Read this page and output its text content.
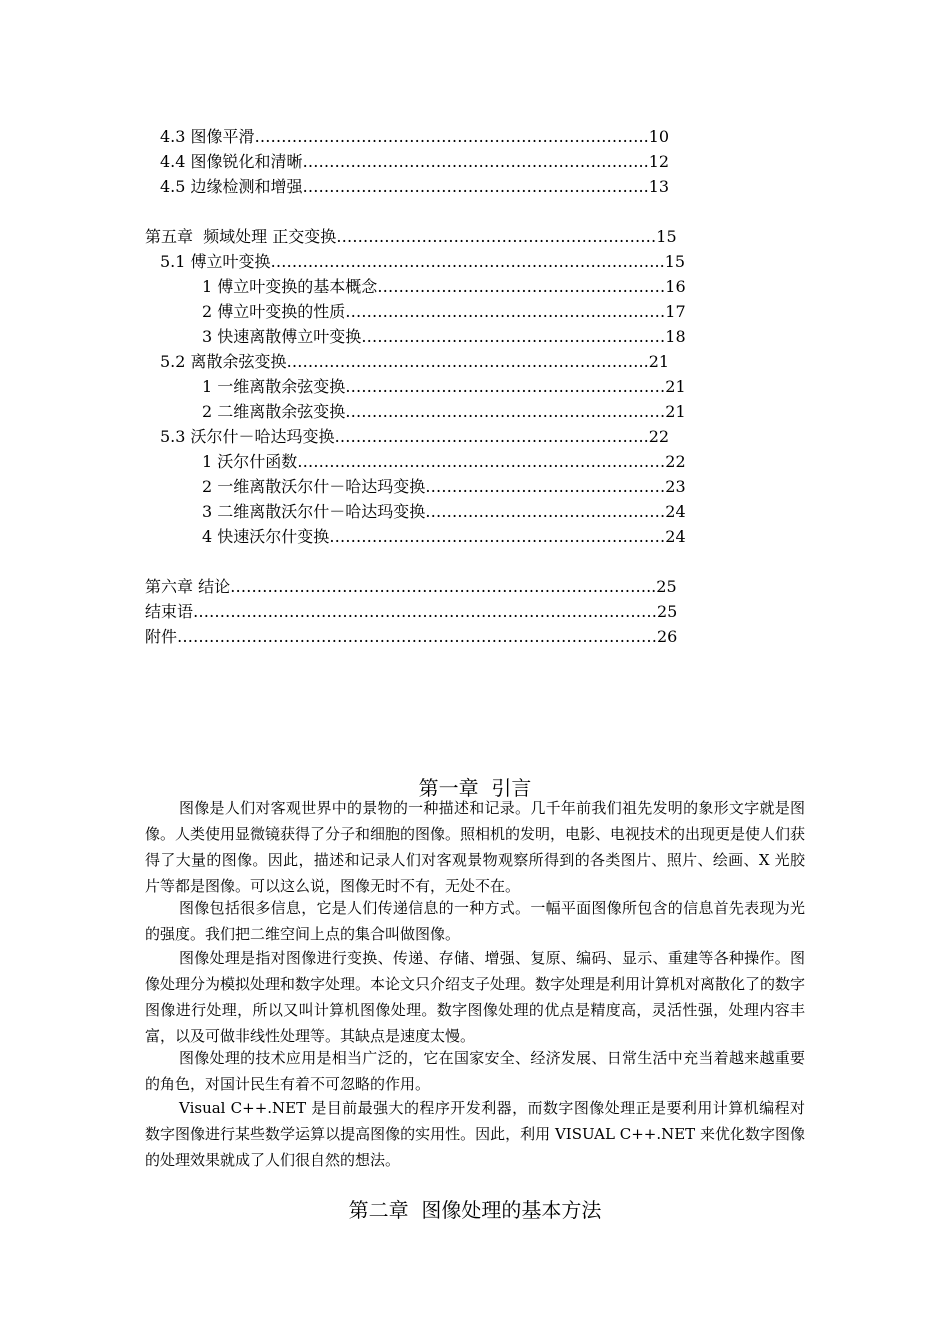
4.3 图像平滑………………………………………………………………..10
4.4 图像锐化和清晰………………………………………………………..12
4.5 边缘检测和增强………………………………………………………..13
第五章  频域处理 正交变换……………………………………………………15
5.1 傅立叶变换………………………………………………………………..15
1 傅立叶变换的基本概念………………………………………………16
2 傅立叶变换的性质……………………………………………………17
3 快速离散傅立叶变换…………………………………………………18
5.2 离散余弦变换…………………………………………………………..21
1 一维离散余弦变换……………………………………………………21
2 二维离散余弦变换……………………………………………………21
5.3 沃尔什－哈达玛变换…………………………………………………..22
1 沃尔什函数……………………………………………………………22
2 一维离散沃尔什－哈达玛变换………………………………………23
3 二维离散沃尔什－哈达玛变换………………………………………24
4 快速沃尔什变换………………………………………………………24
第六章 结论……………………………………………………………………..25
结束语……………………………………………………………………………25
附件………………………………………………………………………………26
第一章  引言

图像是人们对客观世界中的景物的一种描述和记录。几千年前我们祖先发明的象形文字就是图像。人类使用显微镜获得了分子和细胞的图像。照相机的发明，电影、电视技术的出现更是使人们获得了大量的图像。因此，描述和记录人们对客观景物观察所得到的各类图片、照片、绘画、X 光胶片等都是图像。可以这么说，图像无时不有，无处不在。

图像包括很多信息，它是人们传递信息的一种方式。一幅平面图像所包含的信息首先表现为光的强度。我们把二维空间上点的集合叫做图像。

图像处理是指对图像进行变换、传递、存储、增强、复原、编码、显示、重建等各种操作。图像处理分为模拟处理和数字处理。本论文只介绍支子处理。数字处理是利用计算机对离散化了的数字图像进行处理，所以又叫计算机图像处理。数字图像处理的优点是精度高，灵活性强，处理内容丰富，以及可做非线性处理等。其缺点是速度太慢。

图像处理的技术应用是相当广泛的，它在国家安全、经济发展、日常生活中充当着越来越重要的角色，对国计民生有着不可忽略的作用。

Visual C++.NET 是目前最强大的程序开发利器，而数字图像处理正是要利用计算机编程对数字图像进行某些数学运算以提高图像的实用性。因此，利用 VISUAL C++.NET 来优化数字图像的处理效果就成了人们很自然的想法。

第二章  图像处理的基本方法
